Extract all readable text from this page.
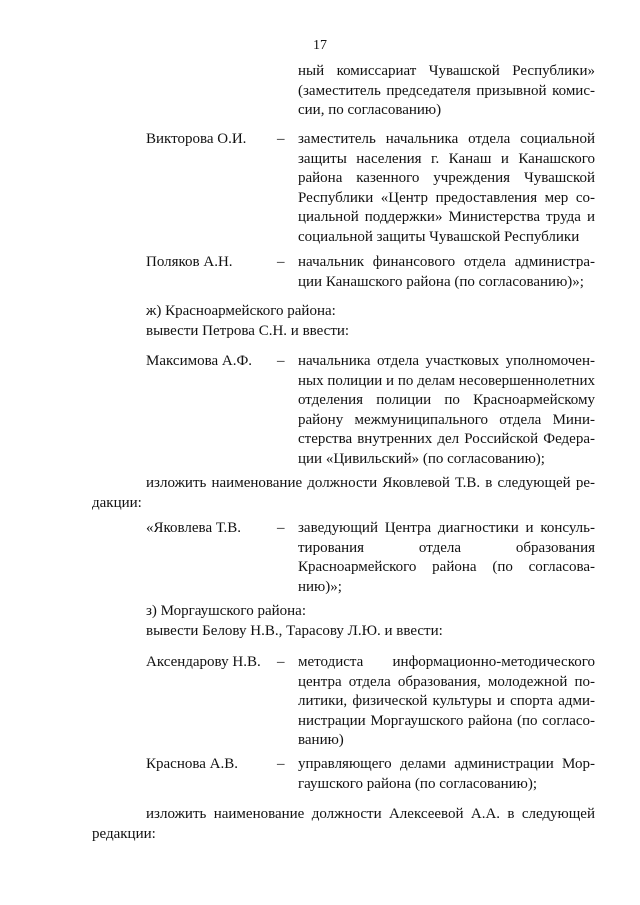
17
ный комиссариат Чувашской Республики»
(заместитель председателя призывной комис-
сии, по согласованию)
Викторова О.И. – заместитель начальника отдела социальной
защиты населения г. Канаш и Канашского
района казенного учреждения Чувашской
Республики «Центр предоставления мер со-
циальной поддержки» Министерства труда и
социальной защиты Чувашской Республики
Поляков А.Н.	– начальник финансового отдела администра-
ции Канашского района (по согласованию)»;
ж) Красноармейского района:
вывести Петрова С.Н. и ввести:
Максимова А.Ф. – начальника отдела участковых уполномочен-
ных полиции и по делам несовершеннолетних
отделения полиции по Красноармейскому
району межмуниципального отдела Мини-
стерства внутренних дел Российской Федера-
ции «Цивильский» (по согласованию);
изложить наименование должности Яковлевой Т.В. в следующей ре-
дакции:
«Яковлева Т.В. – заведующий Центра диагностики и консуль-
тирования отдела образования
Красноармейского района (по согласова-
нию)»;
з) Моргаушского района:
вывести Белову Н.В., Тарасову Л.Ю. и ввести:
Аксендарову Н.В. – методиста информационно-методического
центра отдела образования, молодежной по-
литики, физической культуры и спорта адми-
нистрации Моргаушского района (по согласо-
ванию)
Краснова А.В.	– управляющего делами администрации Мор-
гаушского района (по согласованию);
изложить наименование должности Алексеевой А.А. в следующей
редакции:
